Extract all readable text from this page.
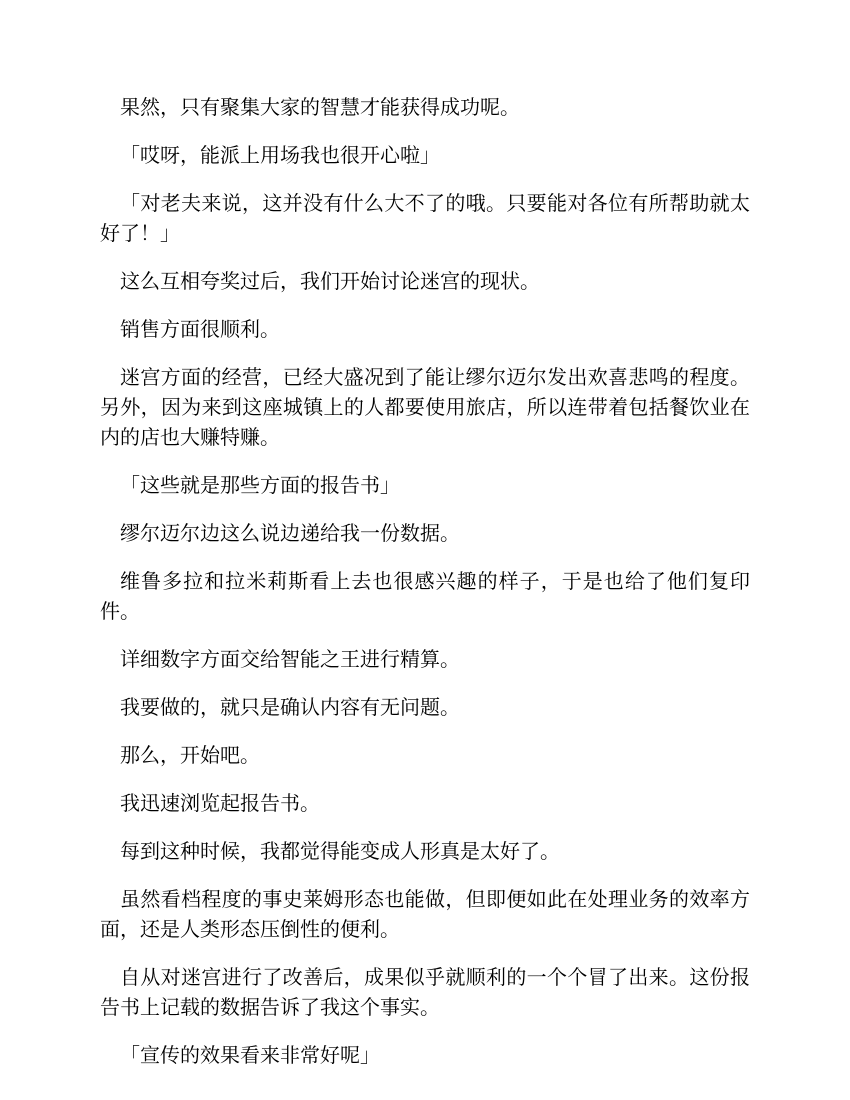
果然，只有聚集大家的智慧才能获得成功呢。

「哎呀，能派上用场我也很开心啦」

「对老夫来说，这并没有什么大不了的哦。只要能对各位有所帮助就太好了！」

这么互相夸奖过后，我们开始讨论迷宫的现状。

销售方面很顺利。

迷宫方面的经营，已经大盛况到了能让缪尔迈尔发出欢喜悲鸣的程度。另外，因为来到这座城镇上的人都要使用旅店，所以连带着包括餐饮业在内的店也大赚特赚。

「这些就是那些方面的报告书」

缪尔迈尔边这么说边递给我一份数据。

维鲁多拉和拉米莉斯看上去也很感兴趣的样子，于是也给了他们复印件。

详细数字方面交给智能之王进行精算。

我要做的，就只是确认内容有无问题。

那么，开始吧。

我迅速浏览起报告书。

每到这种时候，我都觉得能变成人形真是太好了。

虽然看档程度的事史莱姆形态也能做，但即便如此在处理业务的效率方面，还是人类形态压倒性的便利。

自从对迷宫进行了改善后，成果似乎就顺利的一个个冒了出来。这份报告书上记载的数据告诉了我这个事实。

「宣传的效果看来非常好呢」
